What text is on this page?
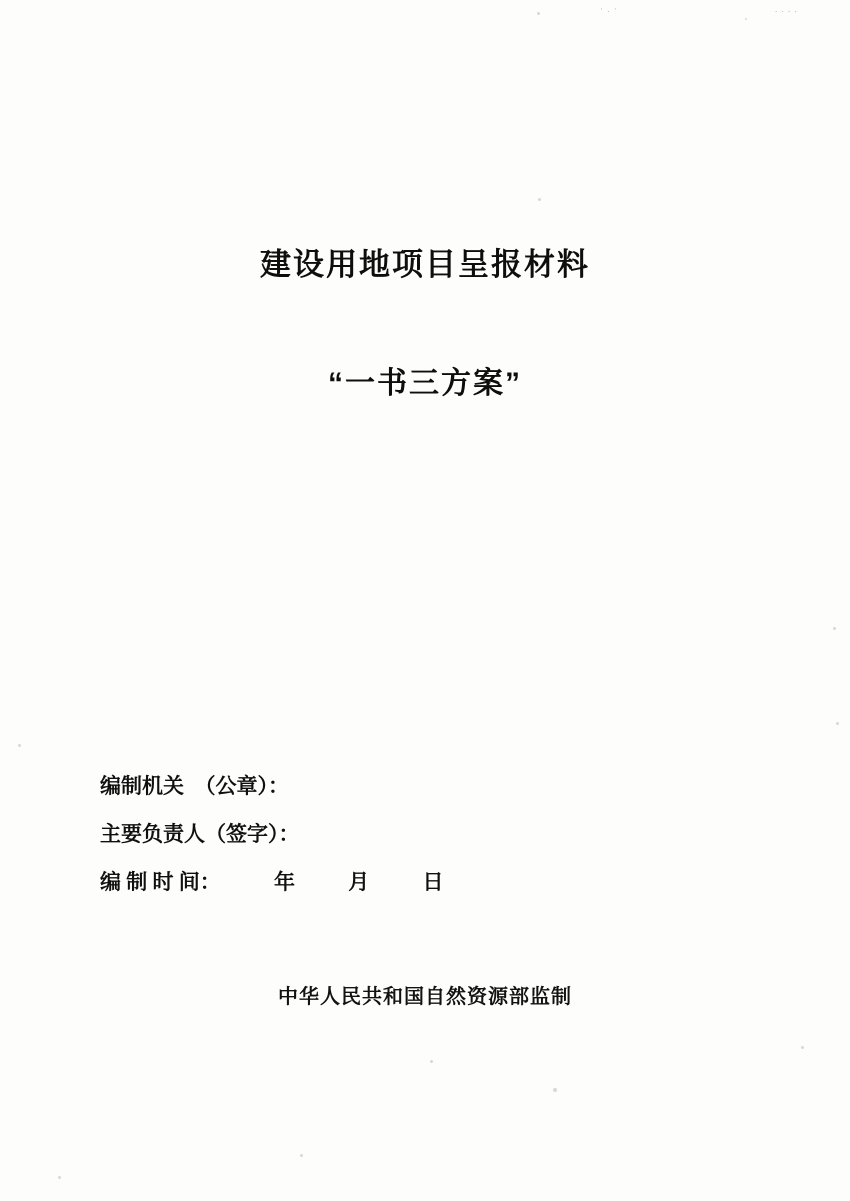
· . ·	. . . .
建设用地项目呈报材料
“一书三方案”
编制机关　（公章）：
主要负责人（签字）：
编 制 时 间：	年	月	日
中华人民共和国自然资源部监制
